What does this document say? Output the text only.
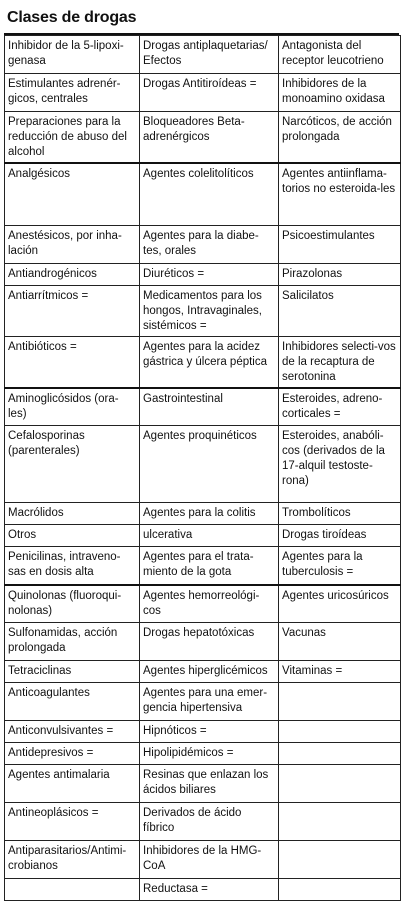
Clases de drogas
Inhibidor de la 5-lipoxi-genasa	Drogas antiplaquetarias/ Efectos	Antagonista del receptor leucotrieno
Estimulantes adrenér-gicos, centrales	Drogas Antitiroídeas =	Inhibidores de la monoamino oxidasa
Preparaciones para la reducción de abuso del alcohol	Bloqueadores Beta-adrenérgicos	Narcóticos, de acción prolongada
Analgésicos	Agentes colelitolíticos	Agentes antiinflama-torios no esteroida-les
Anestésicos, por inha-lación	Agentes para la diabe-tes, orales	Psicoestimulantes
Antiandrogénicos	Diuréticos =	Pirazolonas
Antiarrítmicos =	Medicamentos para los hongos, Intravaginales, sistémicos =	Salicilatos
Antibióticos =	Agentes para la acidez gástrica y úlcera péptica	Inhibidores selecti-vos de la recaptura de serotonina
Aminoglicósidos (ora-les)	Gastrointestinal	Esteroides, adreno-corticales =
Cefalosporinas (parenterales)	Agentes proquinéticos	Esteroides, anabóli-cos (derivados de la 17-alquil testoste-rona)
Macrólidos	Agentes para la colitis	Trombolíticos
Otros	ulcerativa	Drogas tiroídeas
Penicilinas, intraveno-sas en dosis alta	Agentes para el trata-miento de la gota	Agentes para la tuberculosis =
Quinolonas (fluoroqui-nolonas)	Agentes hemorreológi-cos	Agentes uricosúricos
Sulfonamidas, acción prolongada	Drogas hepatotóxicas	Vacunas
Tetraciclinas	Agentes hiperglicémicos	Vitaminas =
Anticoagulantes	Agentes para una emer-gencia hipertensiva	
Anticonvulsivantes =	Hipnóticos =	
Antidepresivos =	Hipolipidémicos =	
Agentes antimalaria	Resinas que enlazan los ácidos biliares	
Antineoplásicos =	Derivados de ácido fíbrico	
Antiparasitarios/Antimi-crobianos	Inhibidores de la HMG-CoA	
	Reductasa =	
